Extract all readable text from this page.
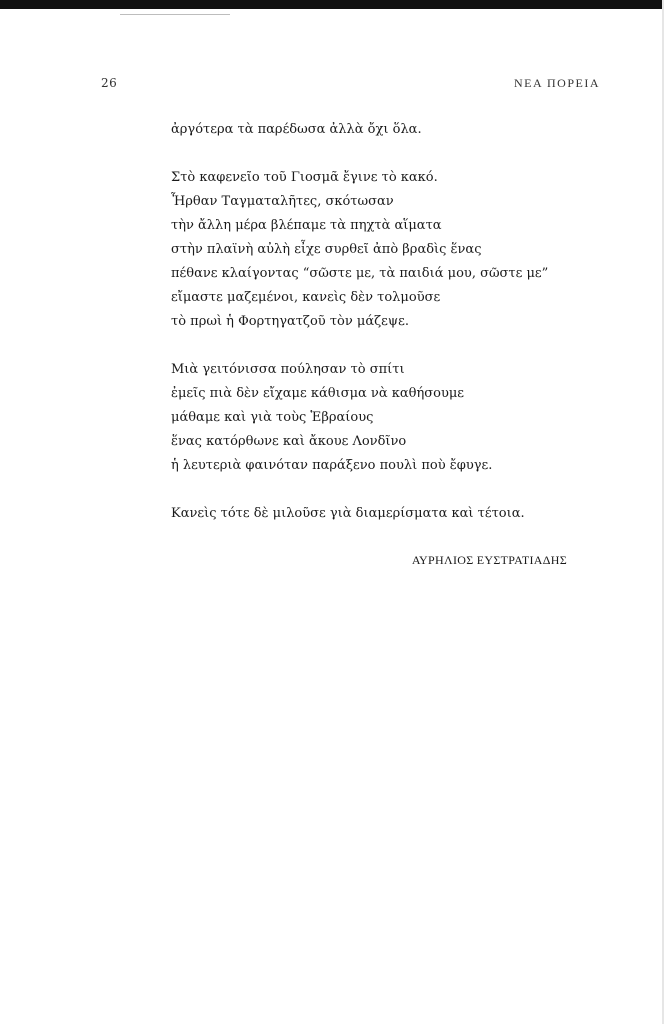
26	ΝΕΑ ΠΟΡΕΙΑ
ἀργότερα τὰ παρέδωσα ἀλλὰ ὄχι ὅλα.
Στὸ καφενεῖο τοῦ Γιοσμᾶ ἔγινε τὸ κακό.
Ἦρθαν Ταγματαλῆτες, σκότωσαν
τὴν ἄλλη μέρα βλέπαμε τὰ πηχτὰ αἵματα
στὴν πλαϊνὴ αὐλὴ εἶχε συρθεῖ ἀπὸ βραδὶς ἕνας
πέθανε κλαίγοντας “σῶστε με, τὰ παιδιά μου, σῶστε με”
εἴμαστε μαζεμένοι, κανεὶς δὲν τολμοῦσε
τὸ πρωὶ ἡ Φορτηγατζοῦ τὸν μάζεψε.
Μιὰ γειτόνισσα πούλησαν τὸ σπίτι
ἐμεῖς πιὰ δὲν εἴχαμε κάθισμα νὰ καθήσουμε
μάθαμε καὶ γιὰ τοὺς Ἑβραίους
ἕνας κατόρθωνε καὶ ἄκουε Λονδῖνο
ἡ λευτεριὰ φαινόταν παράξενο πουλὶ ποὺ ἔφυγε.
Κανεὶς τότε δὲ μιλοῦσε γιὰ διαμερίσματα καὶ τέτοια.
ΑΥΡΗΛΙΟΣ ΕΥΣΤΡΑΤΙΑΔΗΣ
